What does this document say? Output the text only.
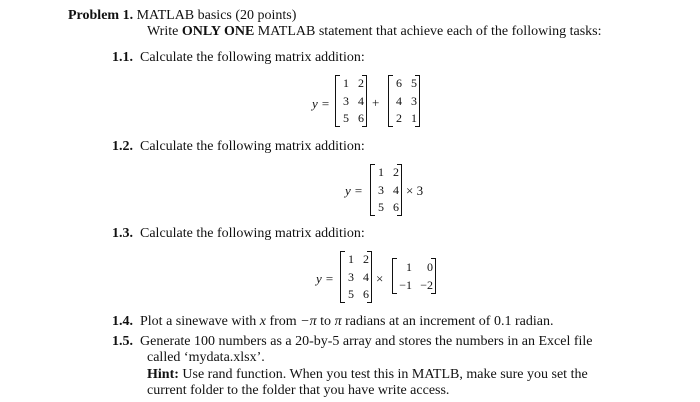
Problem 1. MATLAB basics (20 points)
Write ONLY ONE MATLAB statement that achieve each of the following tasks:
1.1. Calculate the following matrix addition:
y =
1 2
3 4
5 6
+
6 5
4 3
2 1
1.2. Calculate the following matrix addition:
y =
1 2
3 4
5 6
× 3
1.3. Calculate the following matrix addition:
y =
1 2
3 4
5 6
×
1	0
−1 −2
1.4. Plot a sinewave with x from −π to π radians at an increment of 0.1 radian.
1.5. Generate 100 numbers as a 20-by-5 array and stores the numbers in an Excel file
called ‘mydata.xlsx’.
Hint: Use rand function. When you test this in MATLB, make sure you set the
current folder to the folder that you have write access.
